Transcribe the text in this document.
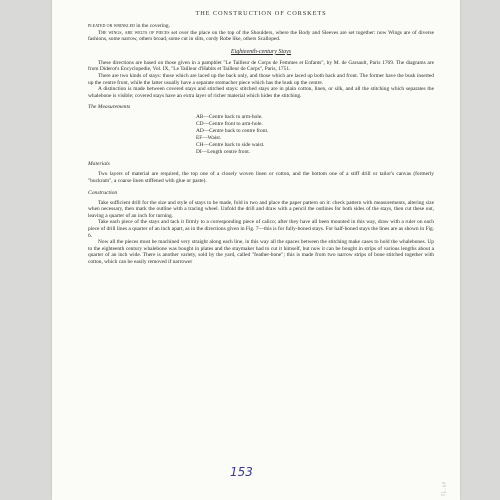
THE CONSTRUCTION OF CORSKETS

pleated or wrinkled in the covering.

The wings, are welts of pieces set over the place on the top of the Shoulders, where the Body and Sleeves are set together: now Wings are of diverse fashions, some narrow, others broad, some cut in slits, cordy Robe like, others Scalloped.

Eighteenth-century Stays

These directions are based on those given in a pamphlet "Le Tailleur de Corps de Femmes et Enfants", by M. de Garsault, Paris 1769. The diagrams are from Diderot's Encyclopedie, Vol. IX, "Le Tailleur d'Habits et Tailleur de Corps", Paris, 1751.

There are two kinds of stays: those which are laced up the back only, and those which are laced up both back and front. The former have the busk inserted up the centre front, while the latter usually have a separate stomacher piece which has the busk up the centre.

A distinction is made between covered stays and stitched stays: stitched stays are in plain cotton, linen, or silk, and all the stitching which separates the whalebone is visible; covered stays have an extra layer of richer material which hides the stitching.

The Measurements
AB—Centre back to arm-hole.
CD—Centre front to arm-hole.
AD—Centre back to centre front.
EF—Waist.
CH—Centre back to side waist.
DI—Length centre front.
Materials

Two layers of material are required, the top one of a closely woven linen or cotton, and the bottom one of a stiff drill or tailor's canvas (formerly "buckram", a coarse linen stiffened with glue or paste).

Construction

Take sufficient drill for the size and style of stays to be made, fold in two and place the paper pattern on it: check pattern with measurements, altering size when necessary, then mark the outline with a tracing wheel. Unfold the drill and draw with a pencil the outlines for both sides of the stays, then cut these out, leaving a quarter of an inch for turning.

Take each piece of the stays and tack it firmly to a corresponding piece of calico; after they have all been mounted in this way, draw with a ruler on each piece of drill lines a quarter of an inch apart, as in the directions given in Fig. 7—this is for fully-boned stays. For half-boned stays the lines are as shown in Fig. 6.

Now all the pieces must be machined very straight along each line, in this way all the spaces between the stitching make cases to hold the whalebones. Up to the eighteenth century whalebone was bought in plates and the staymaker had to cut it himself, but now it can be bought in strips of various lengths about a quarter of an inch wide. There is another variety, sold by the yard, called "feather-bone"; this is made from two narrow strips of bone stitched together with cotton, which can be easily removed if narrower

153
TL.un
